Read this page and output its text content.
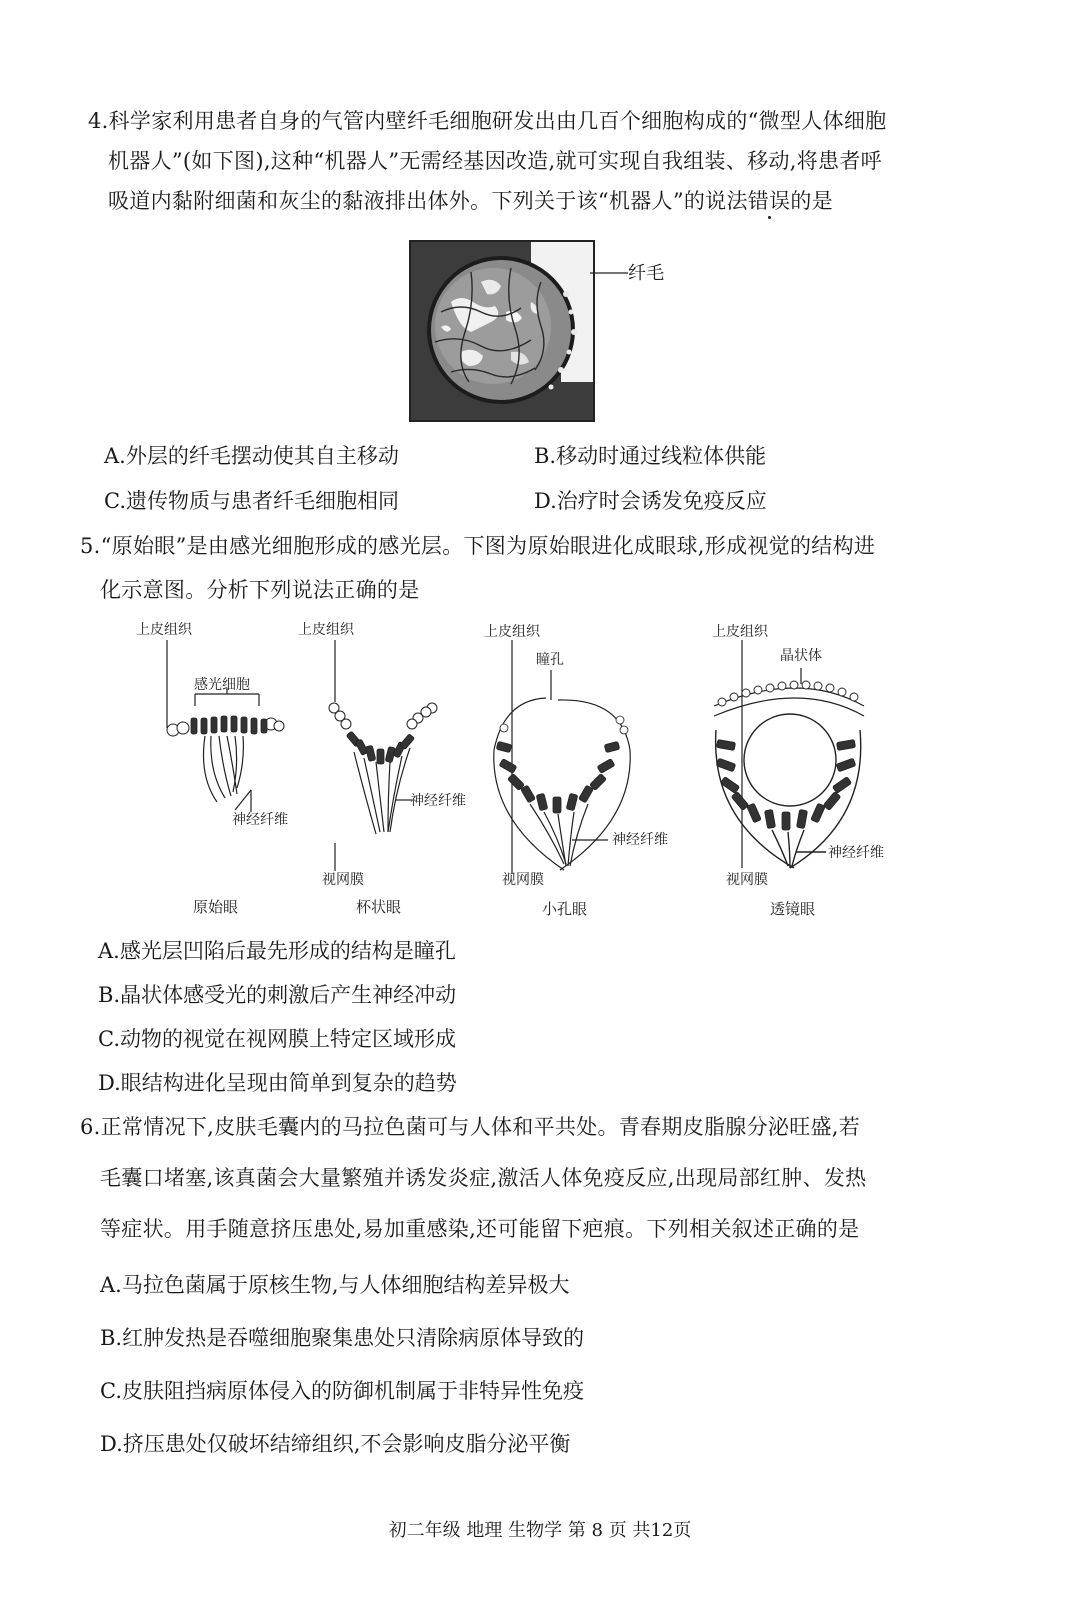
4.科学家利用患者自身的气管内壁纤毛细胞研发出由几百个细胞构成的“微型人体细胞
机器人”(如下图),这种“机器人”无需经基因改造,就可实现自我组装、移动,将患者呼
吸道内黏附细菌和灰尘的黏液排出体外。下列关于该“机器人”的说法错误的是
纤毛
A.外层的纤毛摆动使其自主移动	B.移动时通过线粒体供能
C.遗传物质与患者纤毛细胞相同	D.治疗时会诱发免疫反应
5.“原始眼”是由感光细胞形成的感光层。下图为原始眼进化成眼球,形成视觉的结构进
化示意图。分析下列说法正确的是
上皮组织
感光细胞
神经纤维
原始眼
上皮组织
神经纤维
视网膜
杯状眼
上皮组织
瞳孔
神经纤维
视网膜
小孔眼
上皮组织
晶状体
神经纤维
视网膜
透镜眼
A.感光层凹陷后最先形成的结构是瞳孔
B.晶状体感受光的刺激后产生神经冲动
C.动物的视觉在视网膜上特定区域形成
D.眼结构进化呈现由简单到复杂的趋势
6.正常情况下,皮肤毛囊内的马拉色菌可与人体和平共处。青春期皮脂腺分泌旺盛,若
毛囊口堵塞,该真菌会大量繁殖并诱发炎症,激活人体免疫反应,出现局部红肿、发热
等症状。用手随意挤压患处,易加重感染,还可能留下疤痕。下列相关叙述正确的是
A.马拉色菌属于原核生物,与人体细胞结构差异极大
B.红肿发热是吞噬细胞聚集患处只清除病原体导致的
C.皮肤阻挡病原体侵入的防御机制属于非特异性免疫
D.挤压患处仅破坏结缔组织,不会影响皮脂分泌平衡
初二年级 地理 生物学 第 8 页 共12页
